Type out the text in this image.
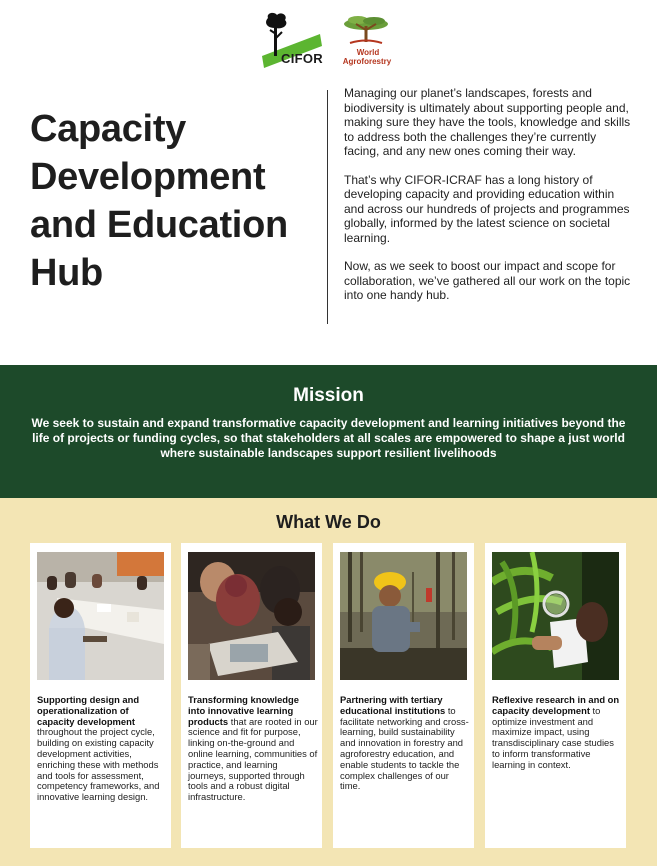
CIFOR	World
Agroforestry
Capacity Development and Education Hub

Managing our planet’s landscapes, forests and biodiversity is ultimately about supporting people and, making sure they have the tools, knowledge and skills to address both the challenges they’re currently facing, and any new ones coming their way.

That’s why CIFOR-ICRAF has a long history of developing capacity and providing education within and across our hundreds of projects and programmes globally, informed by the latest science on societal learning.

Now, as we seek to boost our impact and scope for collaboration, we’ve gathered all our work on the topic into one handy hub.

Mission

We seek to sustain and expand transformative capacity development and learning initiatives beyond the life of projects or funding cycles, so that stakeholders at all scales are empowered to shape a just world where sustainable landscapes support resilient livelihoods

What We Do

Supporting design and operationalization of capacity development throughout the project cycle, building on existing capacity development activities, enriching these with methods and tools for assessment, competency frameworks, and innovative learning design.

Transforming knowledge into innovative learning products that are rooted in our science and fit for purpose, linking on-the-ground and online learning, communities of practice, and learning journeys, supported through tools and a robust digital infrastructure.

Partnering with tertiary educational institutions to facilitate networking and cross-learning, build sustainability and innovation in forestry and agroforestry education, and enable students to tackle the complex challenges of our time.

Reflexive research in and on capacity development to optimize investment and maximize impact, using transdisciplinary case studies to inform transformative learning in context.
